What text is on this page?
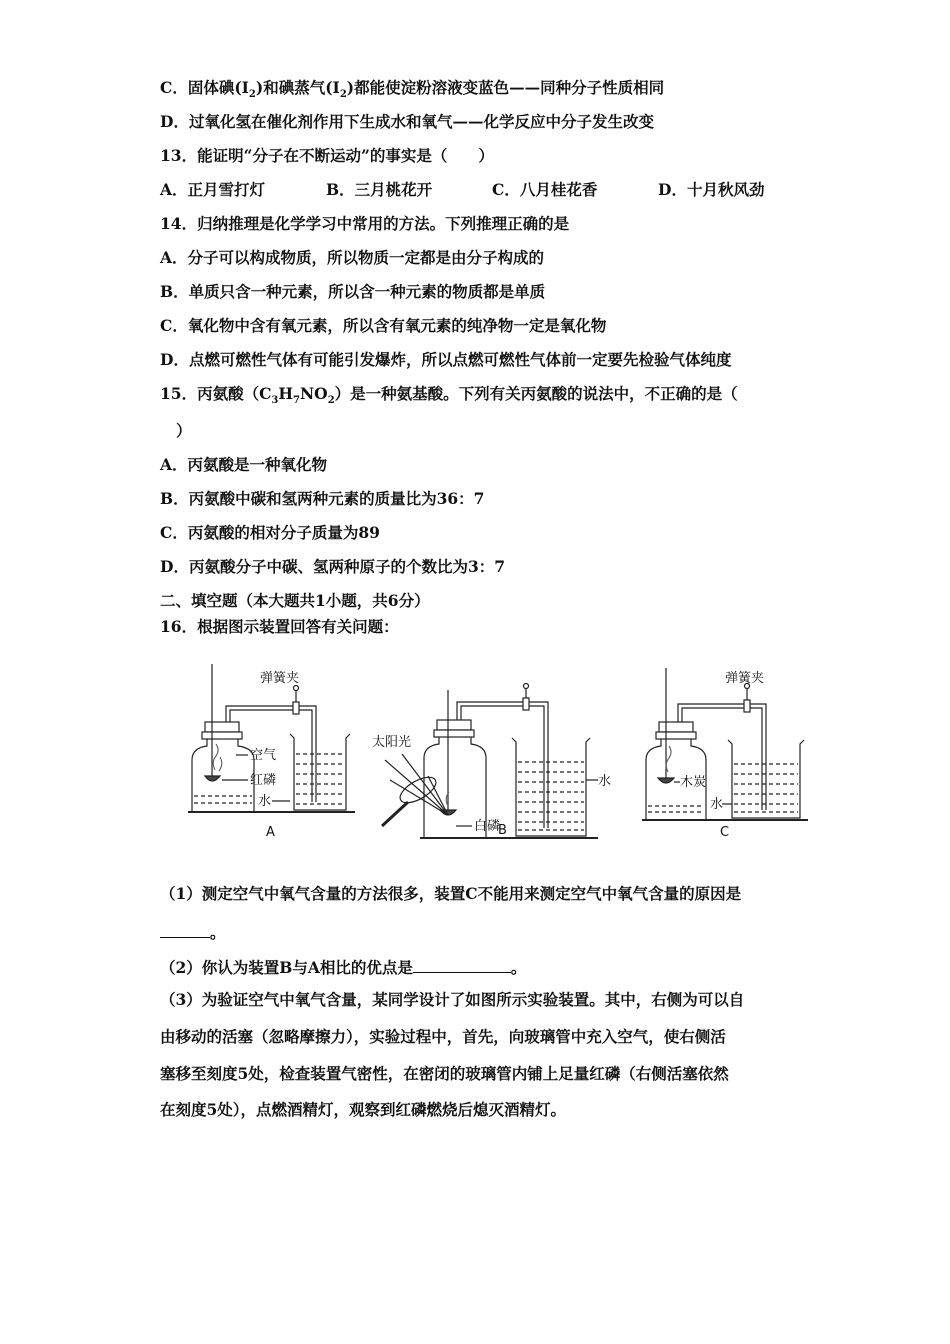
C．固体碘$(I_2)$和碘蒸气$(I_2)$都能使淀粉溶液变蓝色——同种分子性质相同
D．过氧化氢在催化剂作用下生成水和氧气——化学反应中分子发生改变
13．能证明“分子在不断运动”的事实是（　　）
A．正月雪打灯	B．三月桃花开	C．八月桂花香	D．十月秋风劲
14．归纳推理是化学学习中常用的方法。下列推理正确的是
A．分子可以构成物质，所以物质一定都是由分子构成的
B．单质只含一种元素，所以含一种元素的物质都是单质
C．氧化物中含有氧元素，所以含有氧元素的纯净物一定是氧化物
D．点燃可燃性气体有可能引发爆炸，所以点燃可燃性气体前一定要先检验气体纯度
15．丙氨酸$(C_3H_7NO_2)$是一种氨基酸。下列有关丙氨酸的说法中，不正确的是（
）
A．丙氨酸是一种氧化物
B．丙氨酸中碳和氢两种元素的质量比为36：7
C．丙氨酸的相对分子质量为89
D．丙氨酸分子中碳、氢两种原子的个数比为3：7
二、填空题（本大题共1小题，共6分）
16．根据图示装置回答有关问题：
弹簧夹
空气
红磷
水
A
太阳光
白磷
水
B
弹簧夹
木炭
水
C
（1）测定空气中氧气含量的方法很多，装置C不能用来测定空气中氧气含量的原因是
。
（2）你认为装置B与A相比的优点是	。
（3）为验证空气中氧气含量，某同学设计了如图所示实验装置。其中，右侧为可以自
由移动的活塞（忽略摩擦力），实验过程中，首先，向玻璃管中充入空气，使右侧活
塞移至刻度5处，检查装置气密性，在密闭的玻璃管内铺上足量红磷（右侧活塞依然
在刻度5处），点燃酒精灯，观察到红磷燃烧后熄灭酒精灯。
